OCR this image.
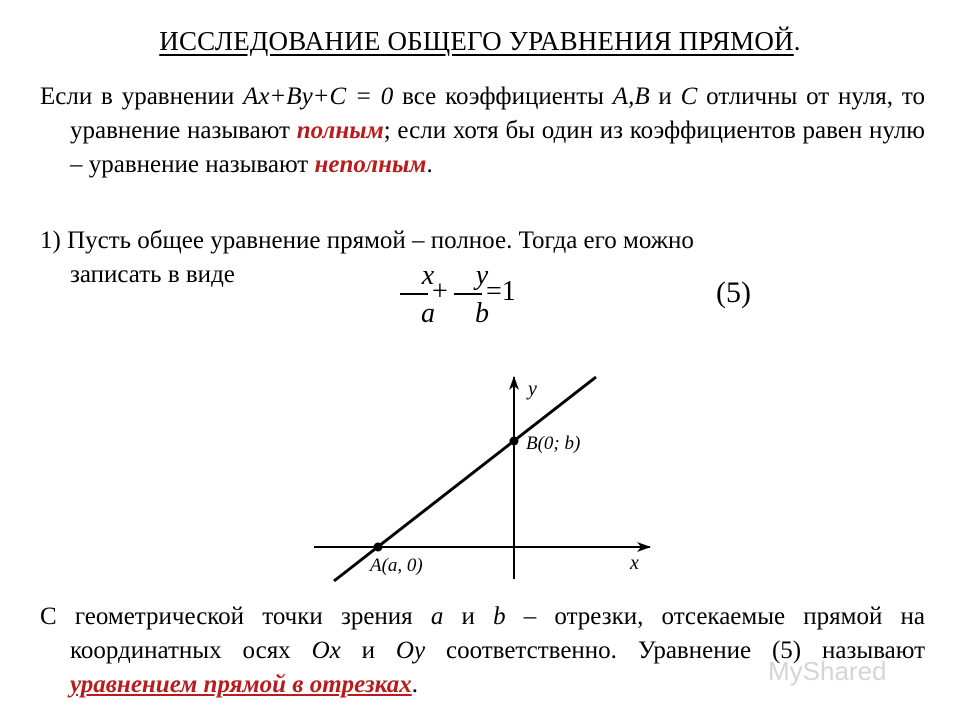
ИССЛЕДОВАНИЕ ОБЩЕГО УРАВНЕНИЯ ПРЯМОЙ.
Если в уравнении Ax+By+C = 0 все коэффициенты A,B и C отличны от нуля, то уравнение называют полным; если хотя бы один из коэффициентов равен нулю – уравнение называют неполным.
1) Пусть общее уравнение прямой – полное. Тогда его можно
записать в виде	x
a
+
y
b
=1	(5)
y
x
B(0; b)
A(a, 0)
С геометрической точки зрения a и b – отрезки, отсекаемые прямой на координатных осях Ox и Oy соответственно. Уравнение (5) называют уравнением прямой в отрезках.	MyShared
